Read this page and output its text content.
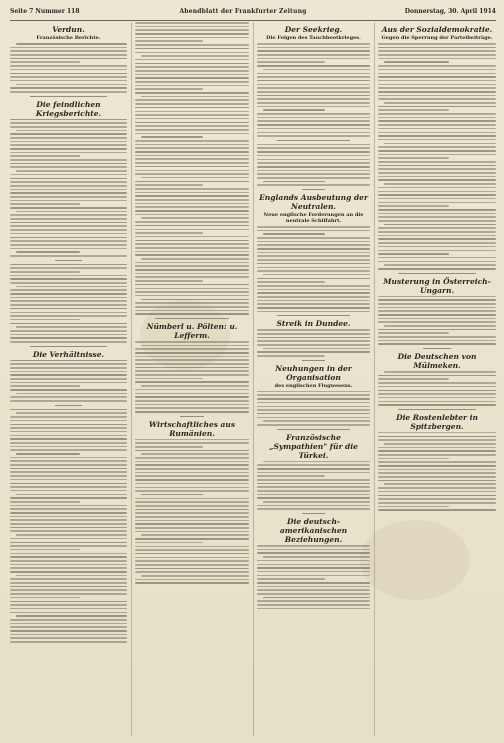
Seite 7 Nummer 118	Abendblatt der Frankfurter Zeitung	Donnerstag, 30. April 1914
Verdun.
Französische Berichte.
Die feindlichen Kriegsberichte.
Die Verhältnisse.
Nümberl u. Pölten: u. Lefferm.
Wirtschaftliches aus Rumänien.
Der Seekrieg.
Die Folgen des Tauchbootkrieges.
Englands Ausbeutung der Neutralen.
Neue englische Forderungen an die neutrale Schiffahrt.
Streik in Dundee.
Neuhungen in der Organisation
des englischen Flugwesens.
Französische „Sympathien" für die Türkei.
Die deutsch-amerikanischen Beziehungen.
Aus der Sozialdemokratie.
Gegen die Sperrung der Parteibeiträge.
Musterung in Österreich-Ungarn.
Die Deutschen von Mülmeken.
Die Rostenlebter in Spitzbergen.
